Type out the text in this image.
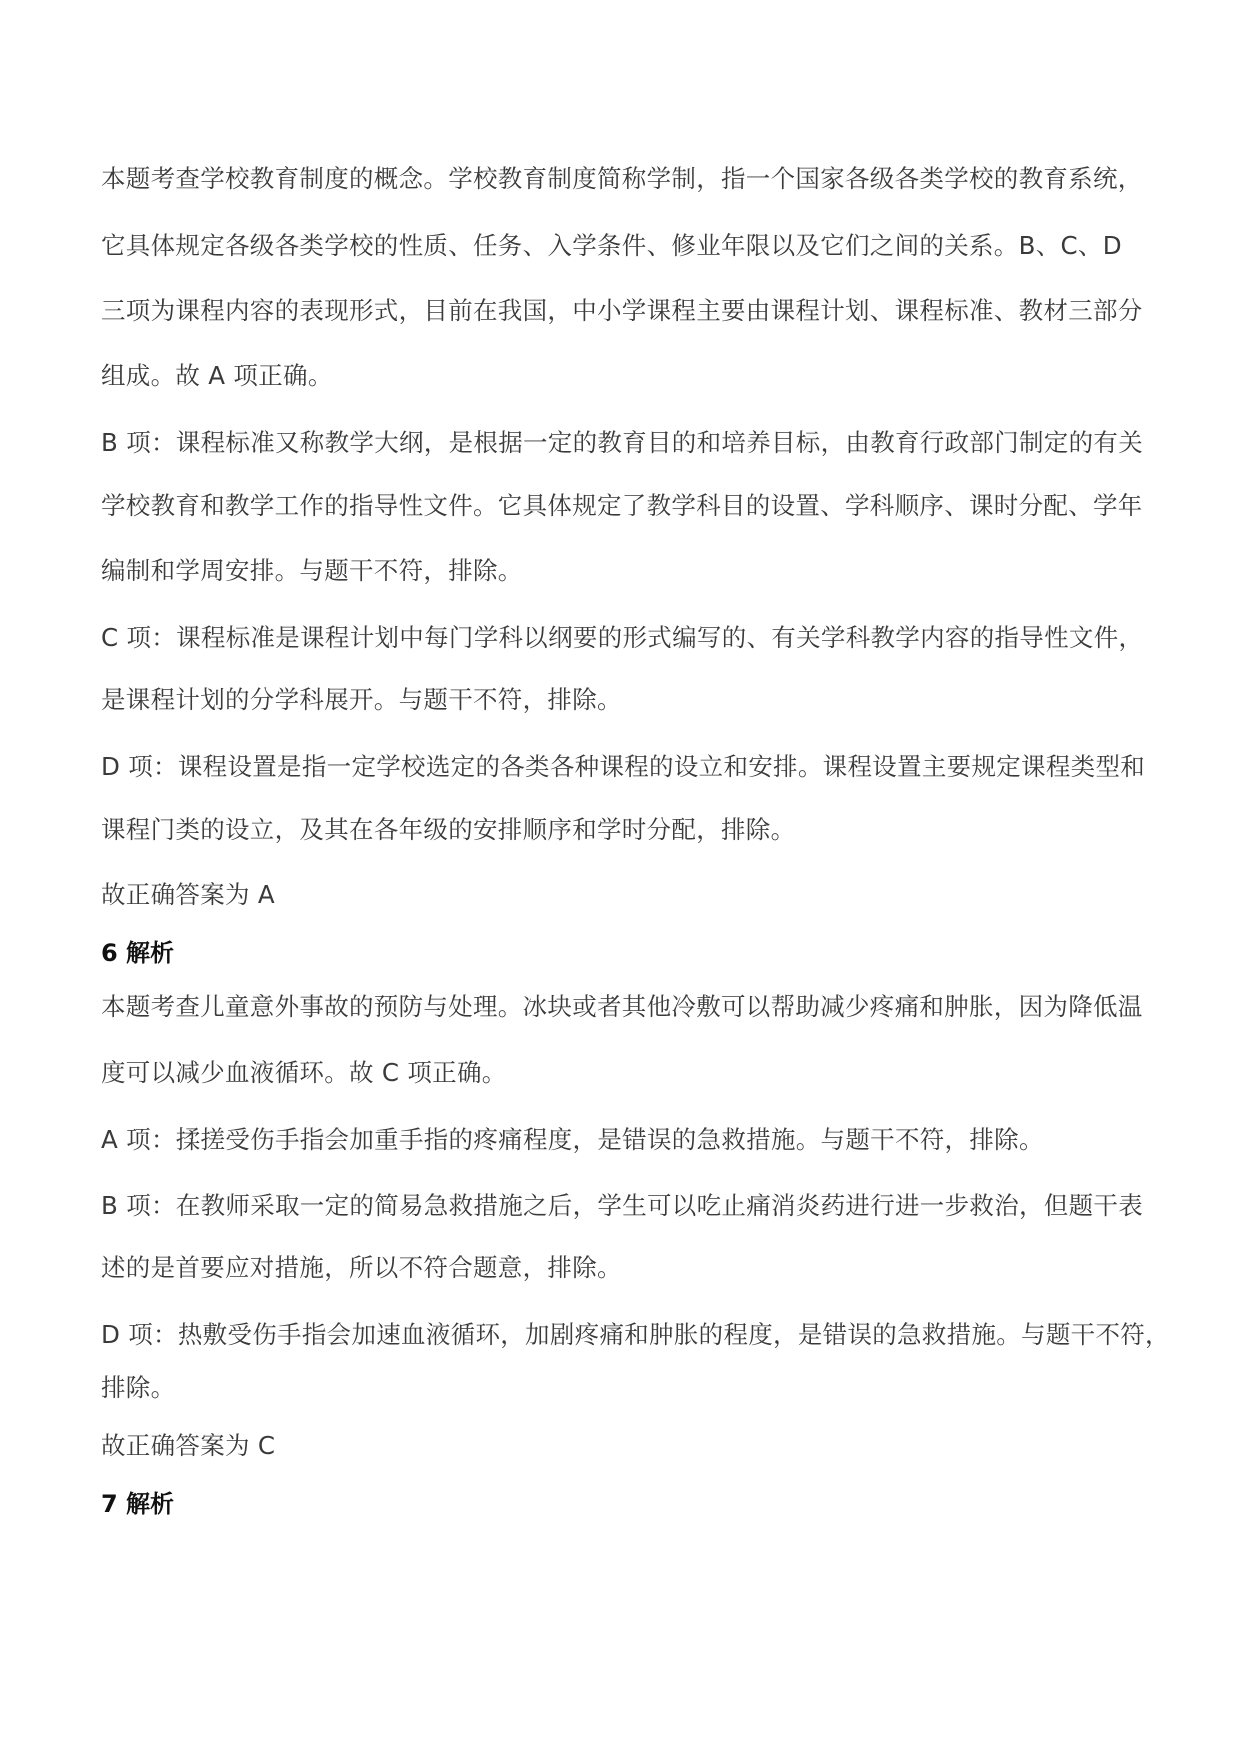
本题考查学校教育制度的概念。学校教育制度简称学制，指一个国家各级各类学校的教育系统，
它具体规定各级各类学校的性质、任务、入学条件、修业年限以及它们之间的关系。B、C、D
三项为课程内容的表现形式，目前在我国，中小学课程主要由课程计划、课程标准、教材三部分
组成。故 A 项正确。
B 项：课程标准又称教学大纲，是根据一定的教育目的和培养目标，由教育行政部门制定的有关
学校教育和教学工作的指导性文件。它具体规定了教学科目的设置、学科顺序、课时分配、学年
编制和学周安排。与题干不符，排除。
C 项：课程标准是课程计划中每门学科以纲要的形式编写的、有关学科教学内容的指导性文件，
是课程计划的分学科展开。与题干不符，排除。
D 项：课程设置是指一定学校选定的各类各种课程的设立和安排。课程设置主要规定课程类型和
课程门类的设立，及其在各年级的安排顺序和学时分配，排除。
故正确答案为 A
6 解析
本题考查儿童意外事故的预防与处理。冰块或者其他冷敷可以帮助减少疼痛和肿胀，因为降低温
度可以减少血液循环。故 C 项正确。
A 项：揉搓受伤手指会加重手指的疼痛程度，是错误的急救措施。与题干不符，排除。
B 项：在教师采取一定的简易急救措施之后，学生可以吃止痛消炎药进行进一步救治，但题干表
述的是首要应对措施，所以不符合题意，排除。
D 项：热敷受伤手指会加速血液循环，加剧疼痛和肿胀的程度，是错误的急救措施。与题干不符，
排除。
故正确答案为 C
7 解析
